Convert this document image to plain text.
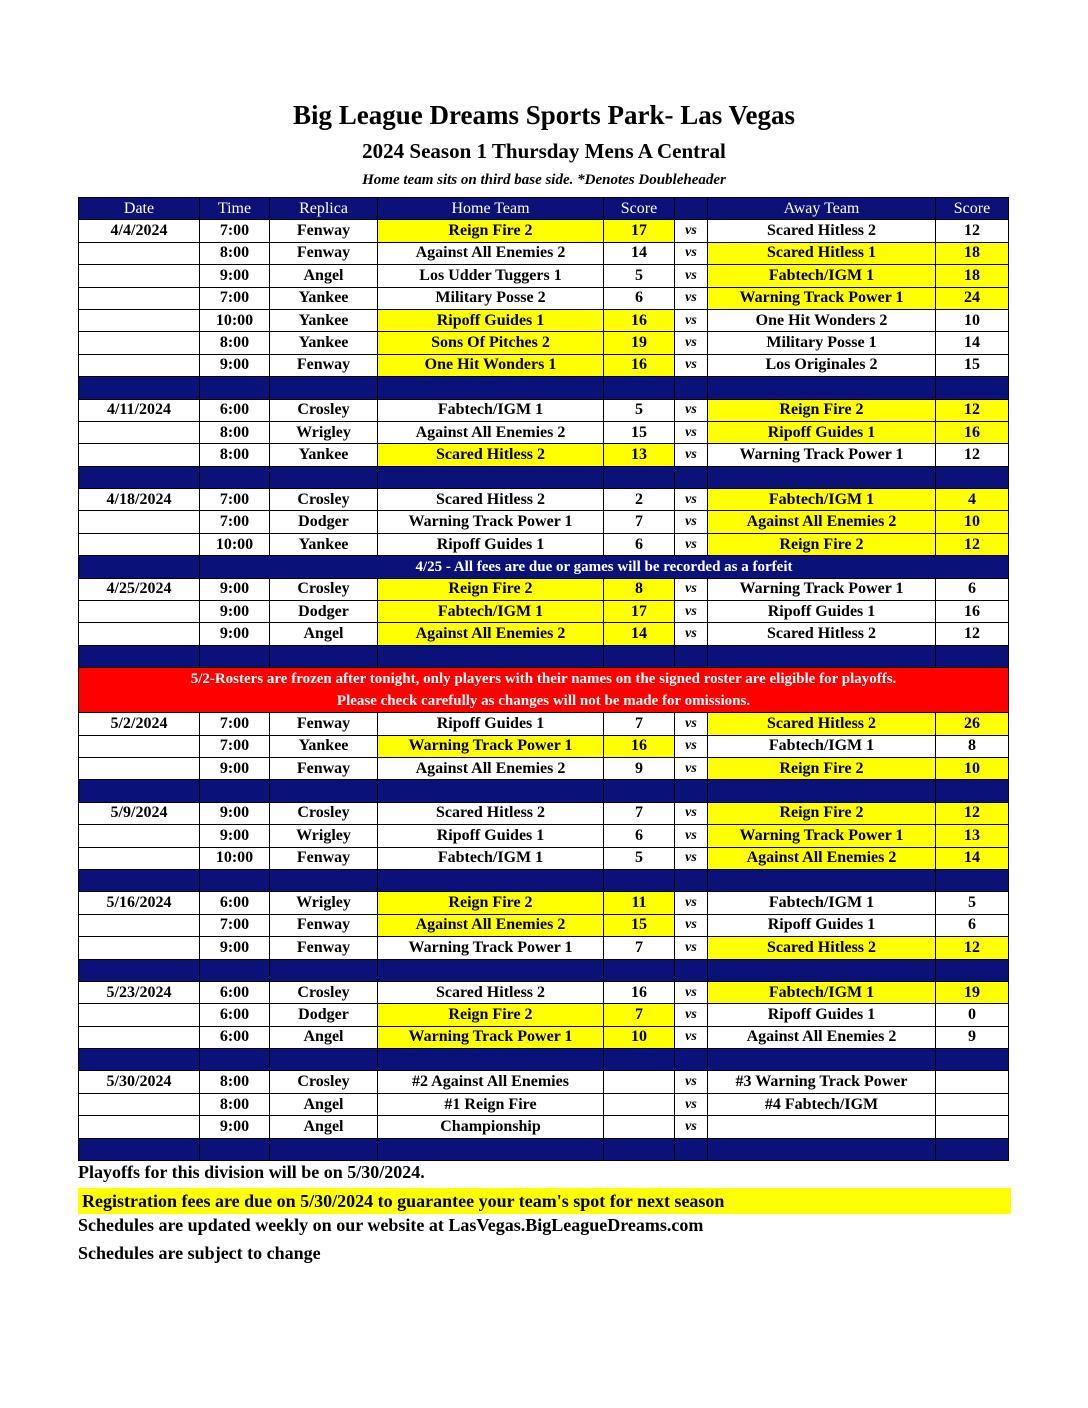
Big League Dreams Sports Park- Las Vegas
2024 Season 1 Thursday Mens A Central
Home team sits on third base side. *Denotes Doubleheader
Date	Time	Replica	Home Team	Score		Away Team	Score
4/4/2024	7:00	Fenway	Reign Fire 2	17	vs	Scared Hitless 2	12
	8:00	Fenway	Against All Enemies 2	14	vs	Scared Hitless 1	18
	9:00	Angel	Los Udder Tuggers 1	5	vs	Fabtech/IGM 1	18
	7:00	Yankee	Military Posse 2	6	vs	Warning Track Power 1	24
	10:00	Yankee	Ripoff Guides 1	16	vs	One Hit Wonders 2	10
	8:00	Yankee	Sons Of Pitches 2	19	vs	Military Posse 1	14
	9:00	Fenway	One Hit Wonders 1	16	vs	Los Originales 2	15

4/11/2024	6:00	Crosley	Fabtech/IGM 1	5	vs	Reign Fire 2	12
	8:00	Wrigley	Against All Enemies 2	15	vs	Ripoff Guides 1	16
	8:00	Yankee	Scared Hitless 2	13	vs	Warning Track Power 1	12

4/18/2024	7:00	Crosley	Scared Hitless 2	2	vs	Fabtech/IGM 1	4
	7:00	Dodger	Warning Track Power 1	7	vs	Against All Enemies 2	10
	10:00	Yankee	Ripoff Guides 1	6	vs	Reign Fire 2	12
	4/25 - All fees are due or games will be recorded as a forfeit						
4/25/2024	9:00	Crosley	Reign Fire 2	8	vs	Warning Track Power 1	6
	9:00	Dodger	Fabtech/IGM 1	17	vs	Ripoff Guides 1	16
	9:00	Angel	Against All Enemies 2	14	vs	Scared Hitless 2	12

5/2-Rosters are frozen after tonight, only players with their names on the signed roster are eligible for playoffs.
Please check carefully as changes will not be made for omissions.							

5/2/2024	7:00	Fenway	Ripoff Guides 1	7	vs	Scared Hitless 2	26
	7:00	Yankee	Warning Track Power 1	16	vs	Fabtech/IGM 1	8
	9:00	Fenway	Against All Enemies 2	9	vs	Reign Fire 2	10

5/9/2024	9:00	Crosley	Scared Hitless 2	7	vs	Reign Fire 2	12
	9:00	Wrigley	Ripoff Guides 1	6	vs	Warning Track Power 1	13
	10:00	Fenway	Fabtech/IGM 1	5	vs	Against All Enemies 2	14

5/16/2024	6:00	Wrigley	Reign Fire 2	11	vs	Fabtech/IGM 1	5
	7:00	Fenway	Against All Enemies 2	15	vs	Ripoff Guides 1	6
	9:00	Fenway	Warning Track Power 1	7	vs	Scared Hitless 2	12

5/23/2024	6:00	Crosley	Scared Hitless 2	16	vs	Fabtech/IGM 1	19
	6:00	Dodger	Reign Fire 2	7	vs	Ripoff Guides 1	0
	6:00	Angel	Warning Track Power 1	10	vs	Against All Enemies 2	9

5/30/2024	8:00	Crosley	#2 Against All Enemies		vs	#3 Warning Track Power	
	8:00	Angel	#1 Reign Fire		vs	#4 Fabtech/IGM	
	9:00	Angel	Championship		vs		

Playoffs for this division will be on 5/30/2024.
Registration fees are due on 5/30/2024 to guarantee your team's spot for next season
Schedules are updated weekly on our website at LasVegas.BigLeagueDreams.com
Schedules are subject to change
